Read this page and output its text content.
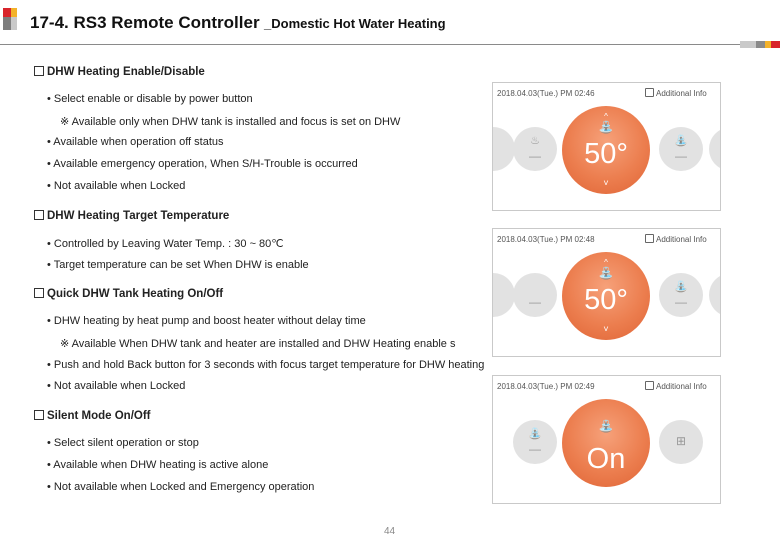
17-4. RS3 Remote Controller _Domestic Hot Water Heating
DHW Heating Enable/Disable
• Select enable or disable by power button
※ Available only when DHW tank is installed and focus is set on DHW
• Available when operation off status
• Available emergency operation, When S/H-Trouble is occurred
• Not available when Locked
DHW Heating Target Temperature
• Controlled by Leaving Water Temp. : 30 ~ 80℃
• Target temperature can be set When DHW is enable
Quick DHW Tank Heating On/Off
• DHW heating by heat pump and boost heater without delay time
※ Available When DHW tank and heater are installed and DHW Heating enable s
• Push and hold Back button for 3 seconds with focus target temperature for DHW heating
• Not available when Locked
Silent Mode On/Off
• Select silent operation or stop
• Available when DHW heating is active alone
• Not available when Locked and Emergency operation
2018.04.03(Tue.) PM 02:46	Additional Info
♨
—
^
⛲
50°
˅
⛲
—
2018.04.03(Tue.) PM 02:48	Additional Info
—
^
⛲
50°
˅
⛲
—
2018.04.03(Tue.) PM 02:49	Additional Info
⛲
—
⛲
On
⊞
44
